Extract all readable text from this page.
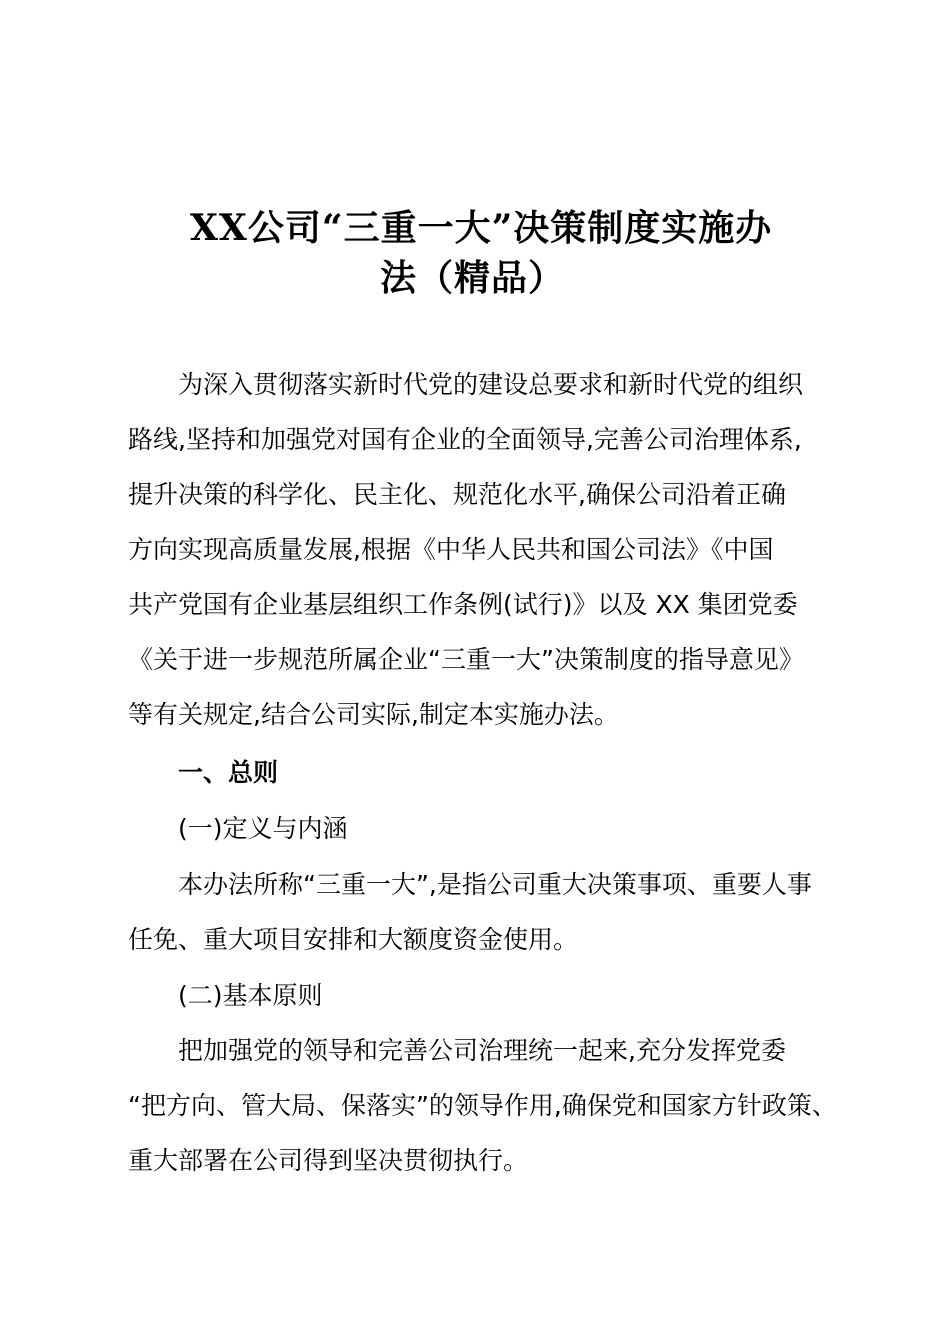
XX公司“三重一大”决策制度实施办
法（精品）
为深入贯彻落实新时代党的建设总要求和新时代党的组织
路线,坚持和加强党对国有企业的全面领导,完善公司治理体系,
提升决策的科学化、民主化、规范化水平,确保公司沿着正确
方向实现高质量发展,根据《中华人民共和国公司法》《中国
共产党国有企业基层组织工作条例(试行)》以及 XX 集团党委
《关于进一步规范所属企业“三重一大”决策制度的指导意见》
等有关规定,结合公司实际,制定本实施办法。
一、总则
(一)定义与内涵
本办法所称“三重一大”,是指公司重大决策事项、重要人事
任免、重大项目安排和大额度资金使用。
(二)基本原则
把加强党的领导和完善公司治理统一起来,充分发挥党委
“把方向、管大局、保落实”的领导作用,确保党和国家方针政策、
重大部署在公司得到坚决贯彻执行。
